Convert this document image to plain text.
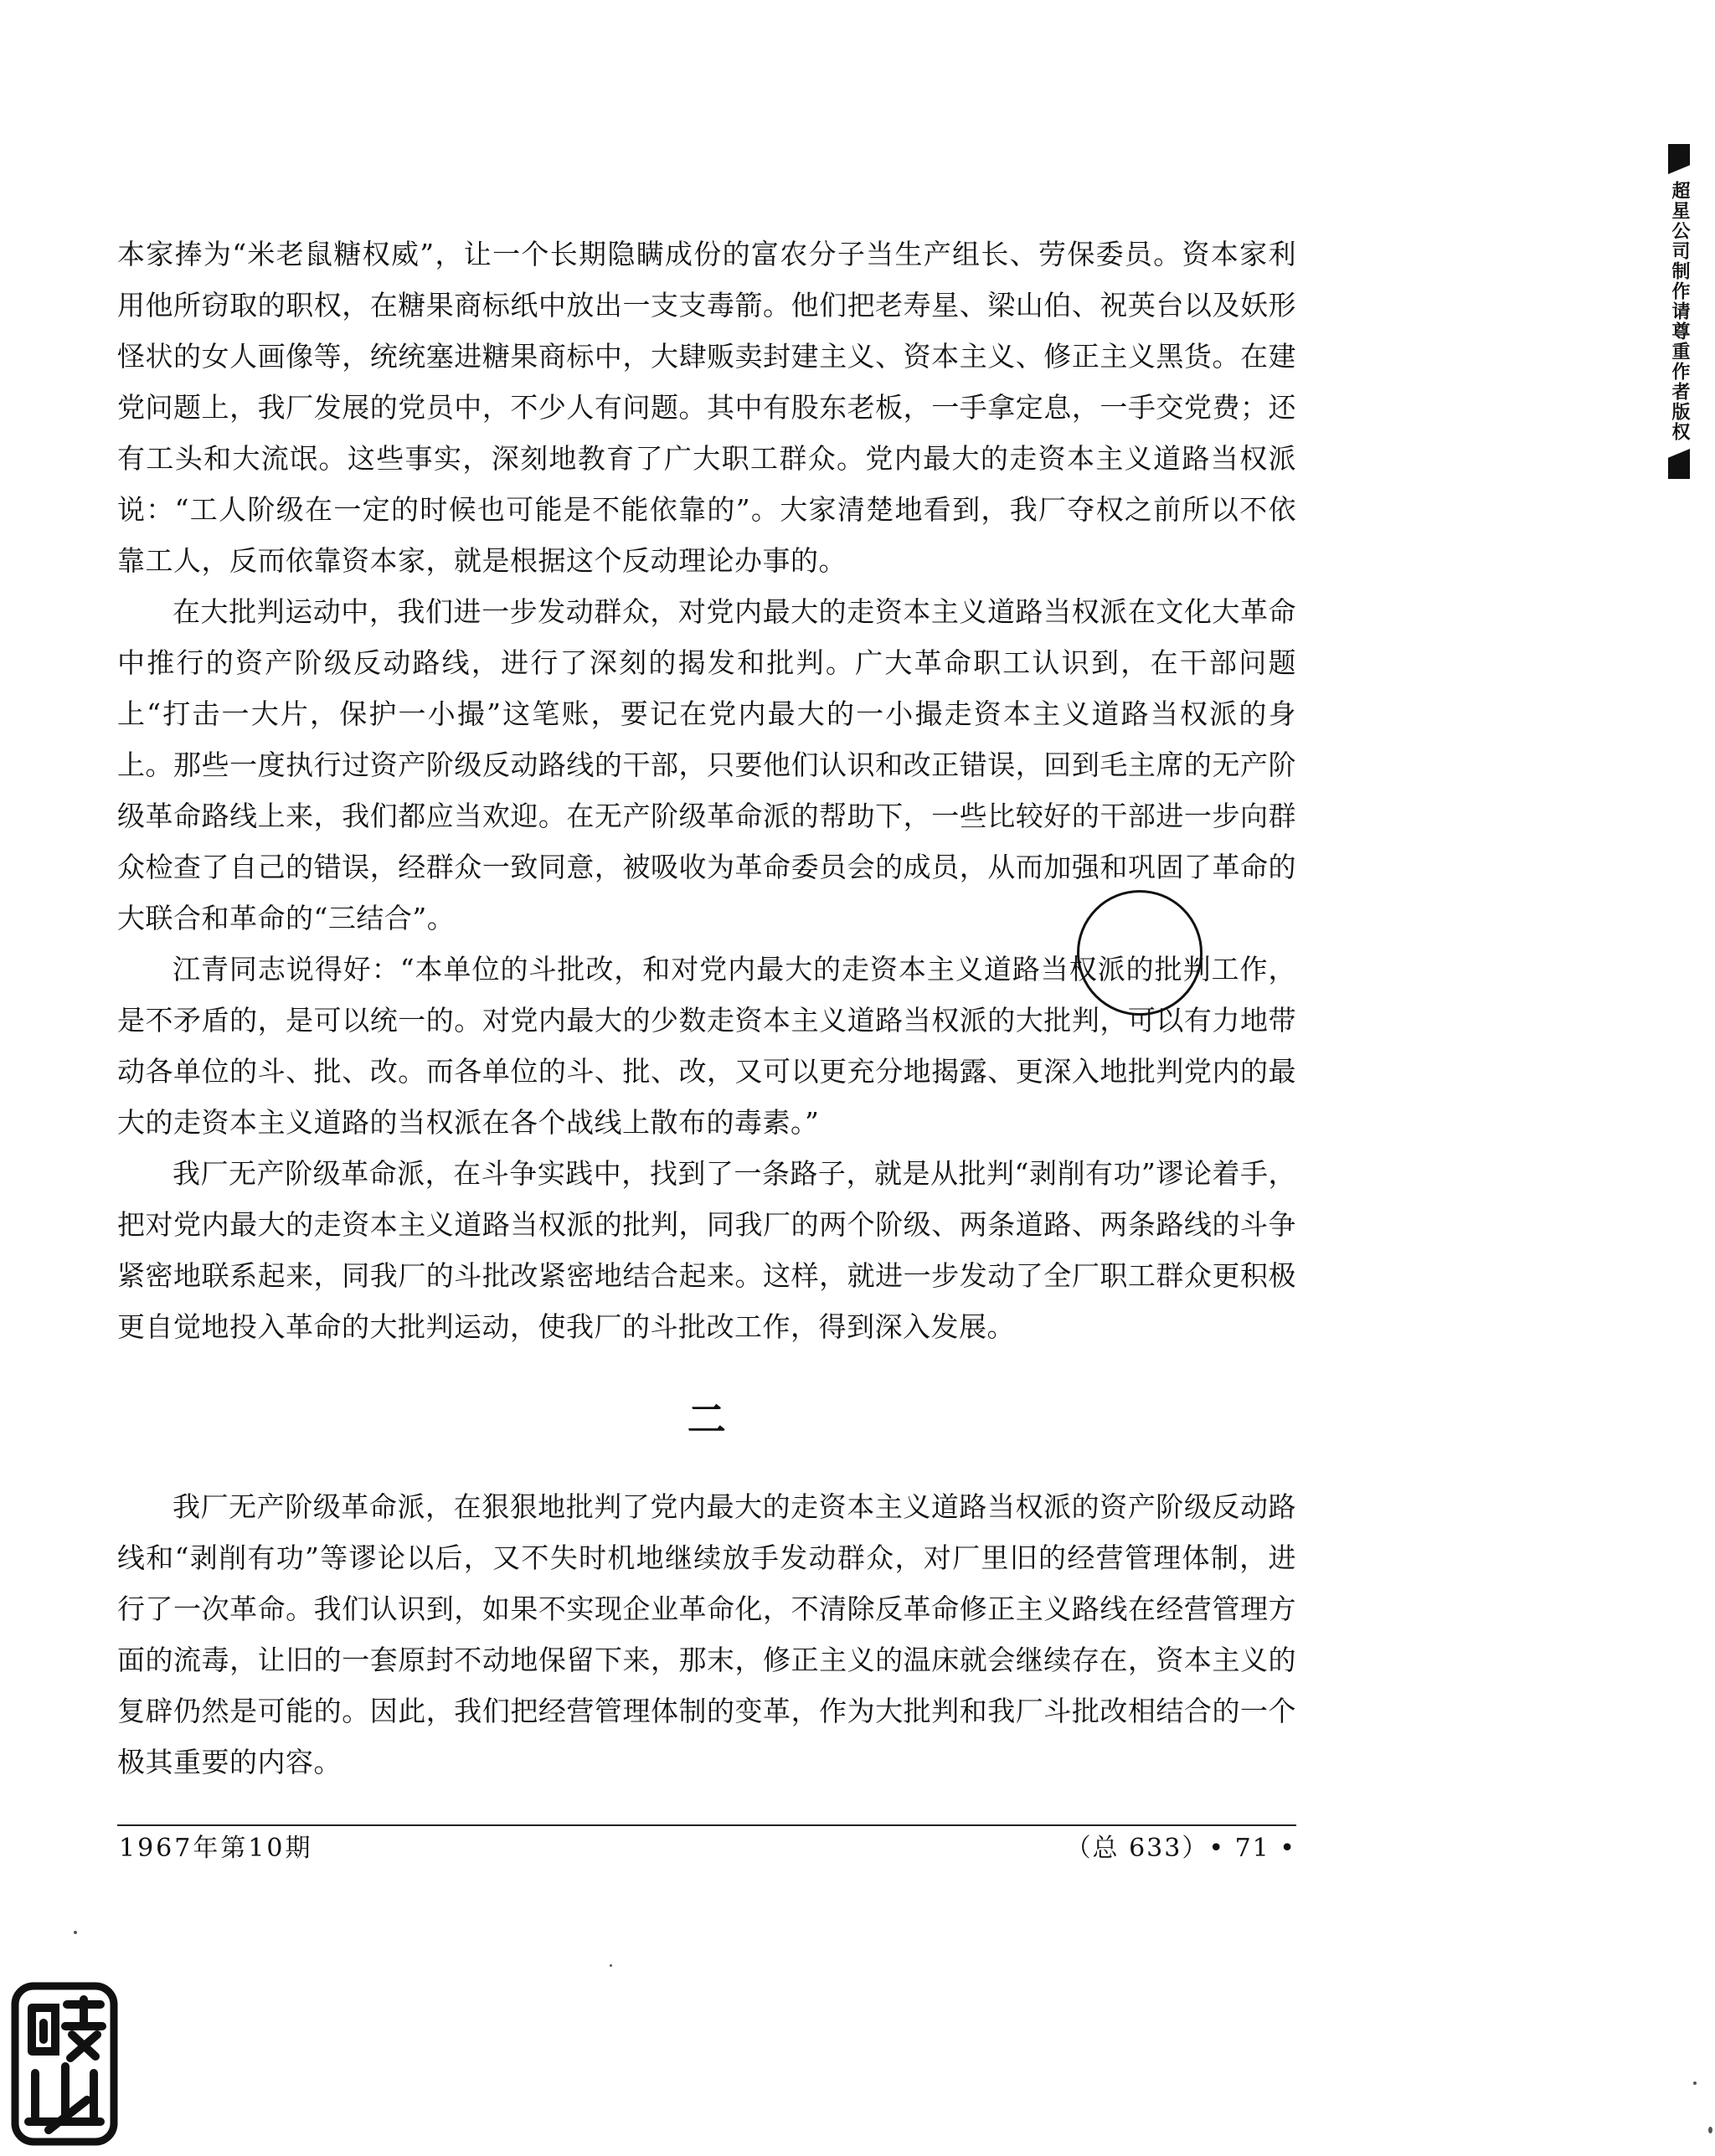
本家捧为“米老鼠糖权威”，让一个长期隐瞒成份的富农分子当生产组长、劳保委员。资本家利用他所窃取的职权，在糖果商标纸中放出一支支毒箭。他们把老寿星、梁山伯、祝英台以及妖形怪状的女人画像等，统统塞进糖果商标中，大肆贩卖封建主义、资本主义、修正主义黑货。在建党问题上，我厂发展的党员中，不少人有问题。其中有股东老板，一手拿定息，一手交党费；还有工头和大流氓。这些事实，深刻地教育了广大职工群众。党内最大的走资本主义道路当权派说：“工人阶级在一定的时候也可能是不能依靠的”。大家清楚地看到，我厂夺权之前所以不依靠工人，反而依靠资本家，就是根据这个反动理论办事的。

在大批判运动中，我们进一步发动群众，对党内最大的走资本主义道路当权派在文化大革命中推行的资产阶级反动路线，进行了深刻的揭发和批判。广大革命职工认识到，在干部问题上“打击一大片，保护一小撮”这笔账，要记在党内最大的一小撮走资本主义道路当权派的身上。那些一度执行过资产阶级反动路线的干部，只要他们认识和改正错误，回到毛主席的无产阶级革命路线上来，我们都应当欢迎。在无产阶级革命派的帮助下，一些比较好的干部进一步向群众检查了自己的错误，经群众一致同意，被吸收为革命委员会的成员，从而加强和巩固了革命的大联合和革命的“三结合”。

江青同志说得好：“本单位的斗批改，和对党内最大的走资本主义道路当权派的批判工作，是不矛盾的，是可以统一的。对党内最大的少数走资本主义道路当权派的大批判，可以有力地带动各单位的斗、批、改。而各单位的斗、批、改，又可以更充分地揭露、更深入地批判党内的最大的走资本主义道路的当权派在各个战线上散布的毒素。”

我厂无产阶级革命派，在斗争实践中，找到了一条路子，就是从批判“剥削有功”谬论着手，把对党内最大的走资本主义道路当权派的批判，同我厂的两个阶级、两条道路、两条路线的斗争紧密地联系起来，同我厂的斗批改紧密地结合起来。这样，就进一步发动了全厂职工群众更积极更自觉地投入革命的大批判运动，使我厂的斗批改工作，得到深入发展。

二

我厂无产阶级革命派，在狠狠地批判了党内最大的走资本主义道路当权派的资产阶级反动路线和“剥削有功”等谬论以后，又不失时机地继续放手发动群众，对厂里旧的经营管理体制，进行了一次革命。我们认识到，如果不实现企业革命化，不清除反革命修正主义路线在经营管理方面的流毒，让旧的一套原封不动地保留下来，那末，修正主义的温床就会继续存在，资本主义的复辟仍然是可能的。因此，我们把经营管理体制的变革，作为大批判和我厂斗批改相结合的一个极其重要的内容。

1967年第10期	（总 633）• 71 •
超星公司制作请尊重作者版权
